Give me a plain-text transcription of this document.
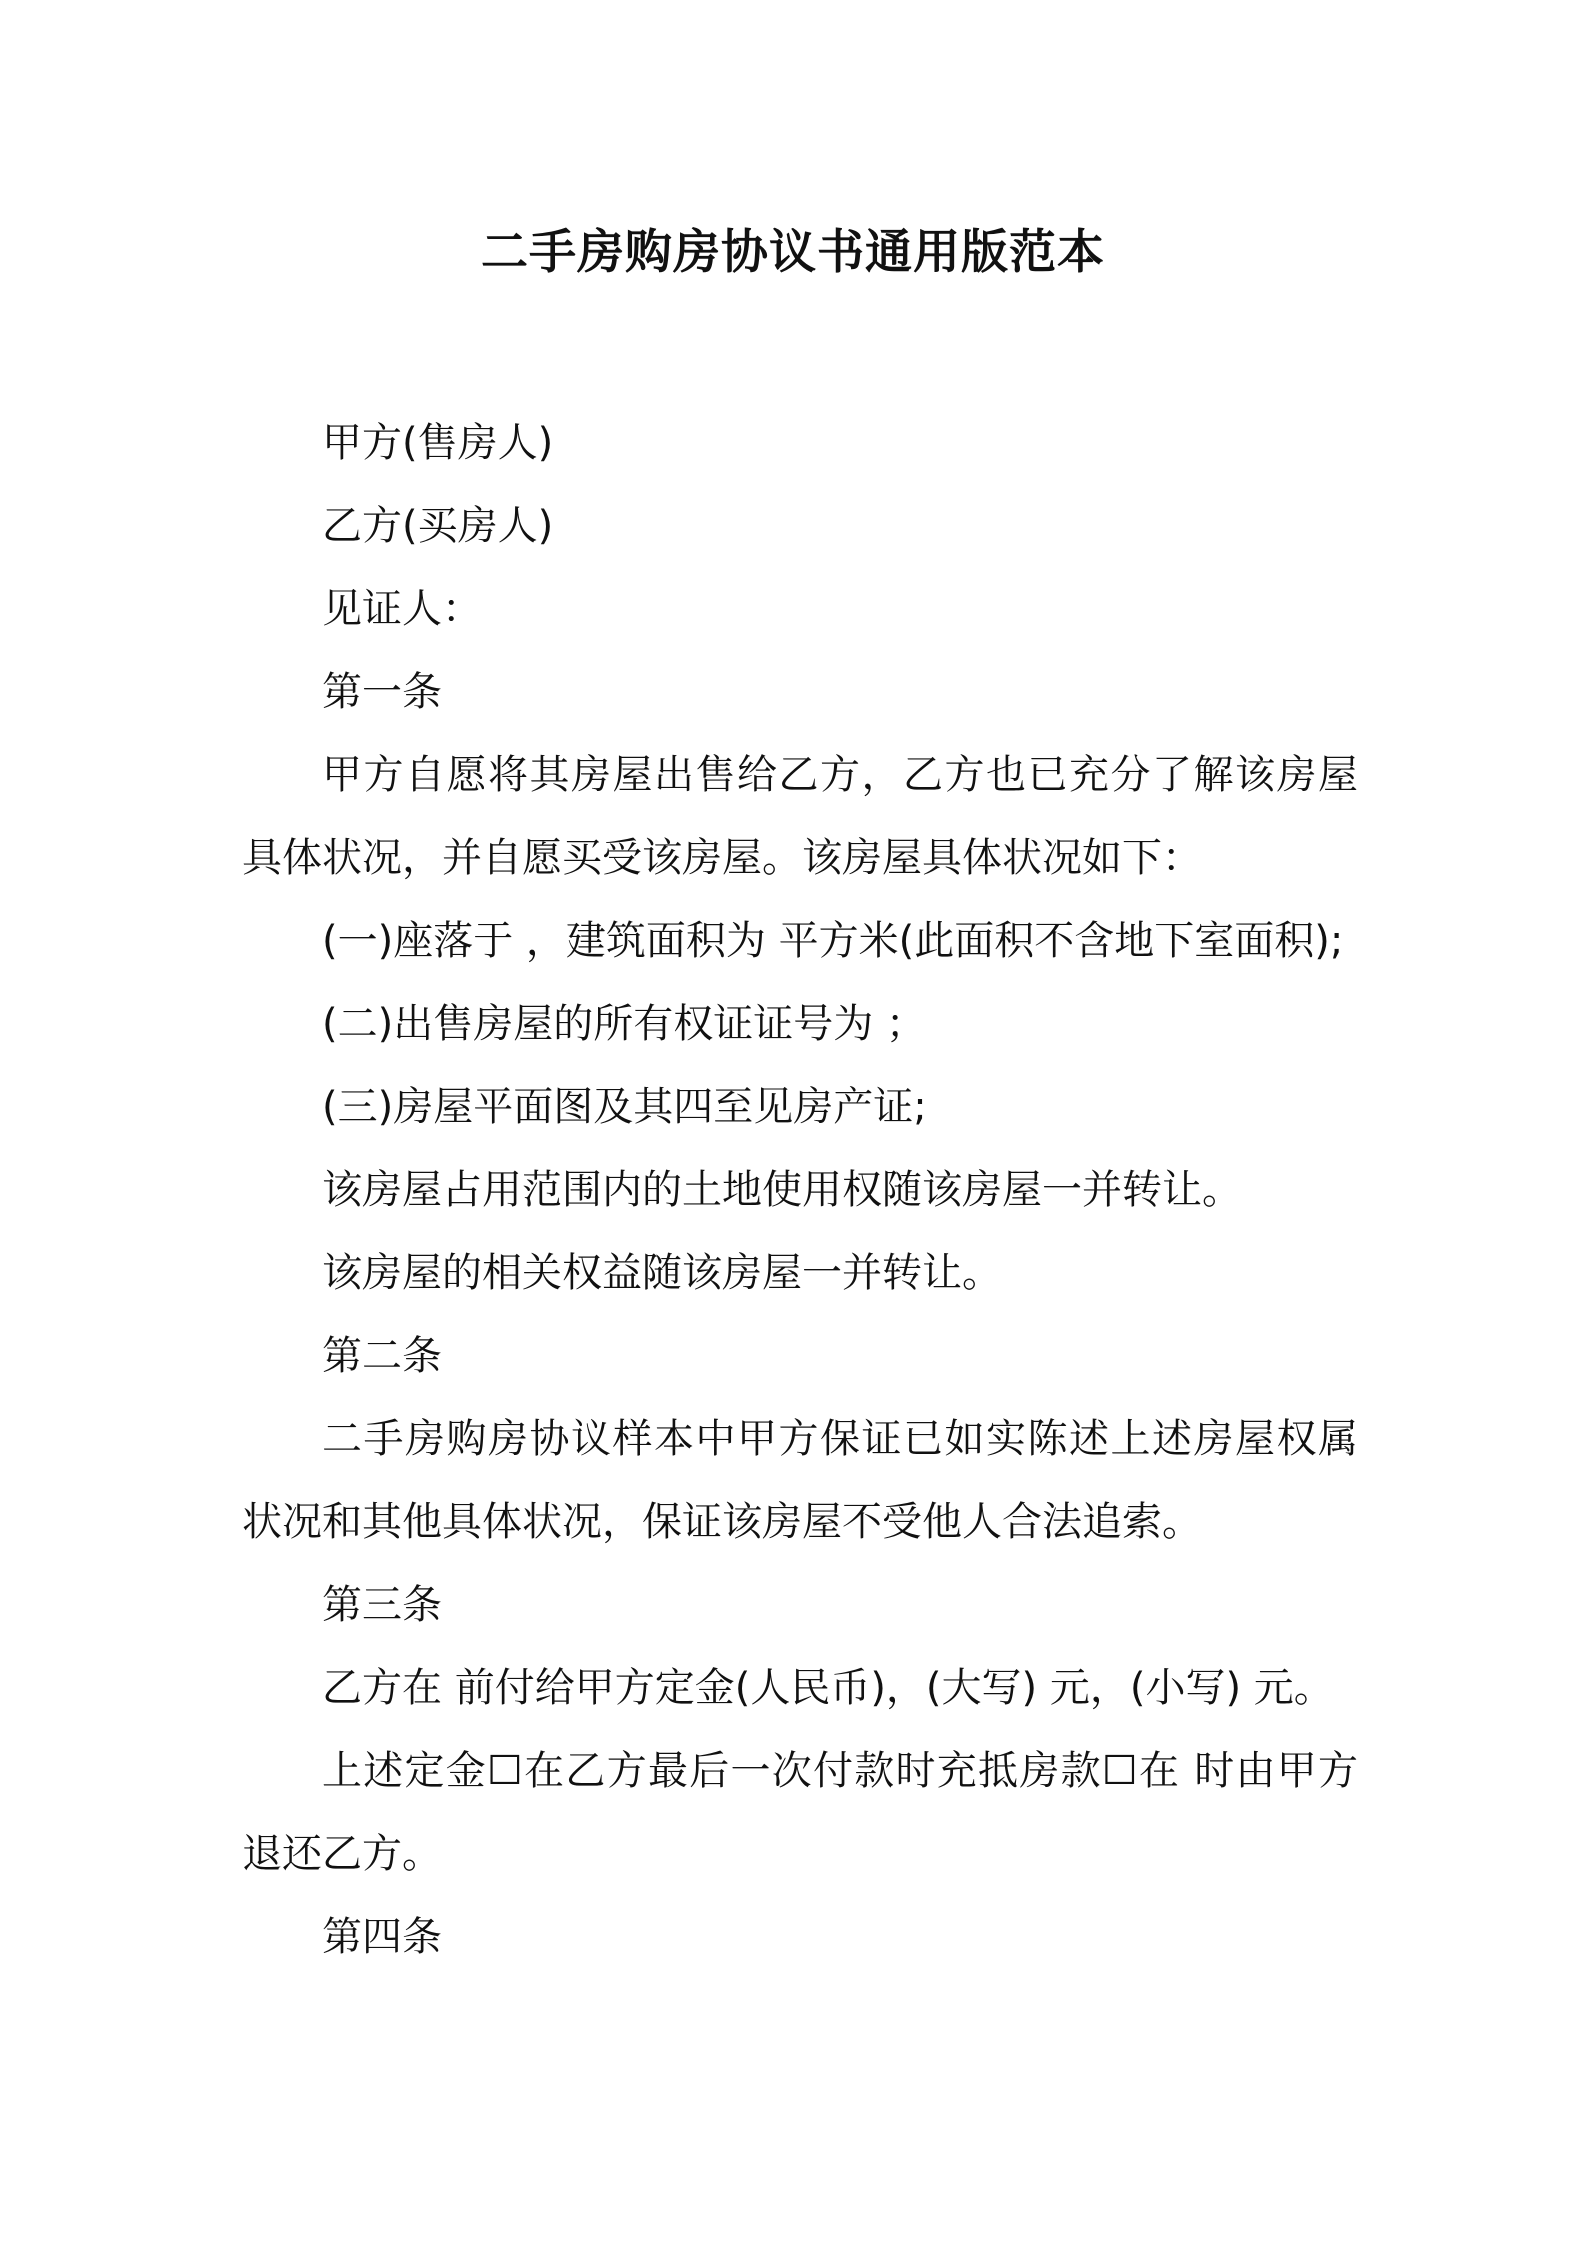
二手房购房协议书通用版范本

甲方(售房人)

乙方(买房人)

见证人：

第一条

甲方自愿将其房屋出售给乙方，乙方也已充分了解该房屋具体状况，并自愿买受该房屋。该房屋具体状况如下：

(一)座落于 ，建筑面积为 平方米(此面积不含地下室面积);

(二)出售房屋的所有权证证号为 ；

(三)房屋平面图及其四至见房产证;

该房屋占用范围内的土地使用权随该房屋一并转让。

该房屋的相关权益随该房屋一并转让。

第二条

二手房购房协议样本中甲方保证已如实陈述上述房屋权属状况和其他具体状况，保证该房屋不受他人合法追索。

第三条

乙方在 前付给甲方定金(人民币)，(大写) 元，(小写) 元。

上述定金☐在乙方最后一次付款时充抵房款☐在 时由甲方退还乙方。

第四条
